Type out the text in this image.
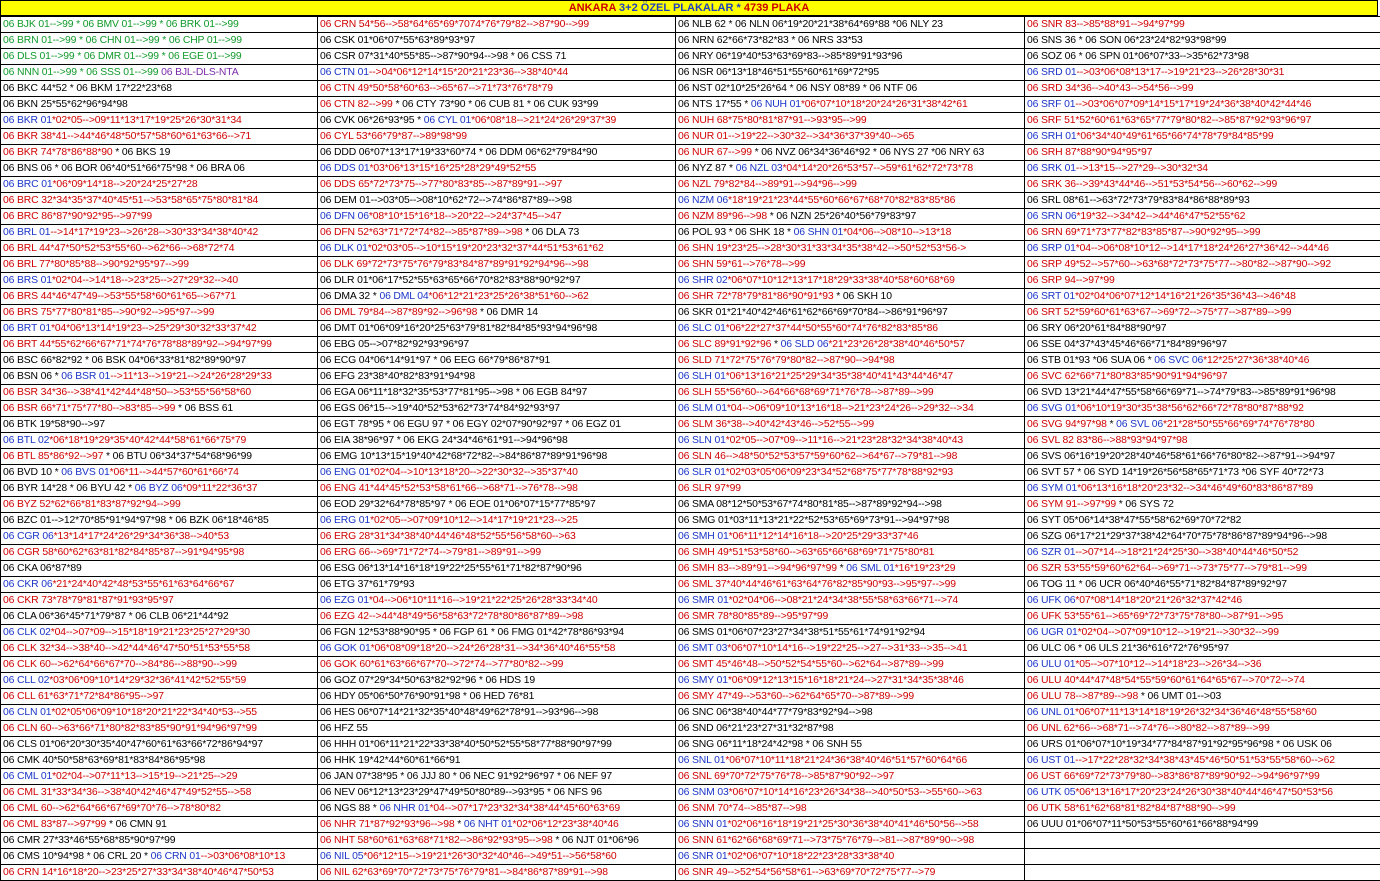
ANKARA 3+2 ÖZEL PLAKALAR * 4739 PLAKA
06 BJK 01-->99 * 06 BMV 01-->99 * 06 BRK 01-->99	06 CRN 54*56-->58*64*65*69*7074*76*79*82-->87*90-->99	06 NLB 62 * 06 NLN 06*19*20*21*38*64*69*88 *06 NLY 23	06 SNR 83-->85*88*91-->94*97*99
06 BRN 01-->99 * 06 CHN 01-->99 * 06 CHP 01-->99	06 CSK 01*06*07*55*63*89*93*97	06 NRN 62*66*73*82*83 * 06 NRS 33*53	06 SNS 36 * 06 SON 06*23*24*82*93*98*99
06 DLS 01-->99 * 06 DMR 01-->99 * 06 EGE 01-->99	06 CSR 07*31*40*55*85-->87*90*94-->98 * 06 CSS 71	06 NRY 06*19*40*53*63*69*83-->85*89*91*93*96	06 SOZ 06 * 06 SPN 01*06*07*33-->35*62*73*98
06 NNN 01-->99 * 06 SSS 01-->99 06 BJL-DLS-NTA	06 CTN 01-->04*06*12*14*15*20*21*23*36-->38*40*44	06 NSR 06*13*18*46*51*55*60*61*69*72*95	06 SRD 01-->03*06*08*13*17-->19*21*23-->26*28*30*31
06 BKC 44*52 * 06 BKM 17*22*23*68	06 CTN 49*50*58*60*63-->65*67-->71*73*76*78*79	06 NST 02*10*25*26*64 * 06 NSY 08*89 * 06 NTF 06	06 SRD 34*36-->40*43-->54*56-->99
06 BKN 25*55*62*96*94*98	06 CTN 82-->99 * 06 CTY 73*90 * 06 CUB 81 * 06 CUK 93*99	06 NTS 17*55 * 06 NUH 01*06*07*10*18*20*24*26*31*38*42*61	06 SRF 01-->03*06*07*09*14*15*17*19*24*36*38*40*42*44*46
06 BKR 01*02*05-->09*11*13*17*19*25*26*30*31*34	06 CVK 06*26*93*95 * 06 CYL 01*06*08*18-->21*24*26*29*37*39	06 NUH 68*75*80*81*87*91-->93*95-->99	06 SRF 51*52*60*61*63*65*77*79*80*82-->85*87*92*93*96*97
06 BKR 38*41-->44*46*48*50*57*58*60*61*63*66-->71	06 CYL 53*66*79*87-->89*98*99	06 NUR 01-->19*22-->30*32-->34*36*37*39*40-->65	06 SRH 01*06*34*40*49*61*65*66*74*78*79*84*85*99
06 BKR 74*78*86*88*90 * 06 BKS 19	06 DDD 06*07*13*17*19*33*60*74 * 06 DDM 06*62*79*84*90	06 NUR 67-->99 * 06 NVZ 06*34*36*46*92 * 06 NYS 27 *06 NRY 63	06 SRH 87*88*90*94*95*97
06 BNS 06 * 06 BOR 06*40*51*66*75*98 * 06 BRA 06	06 DDS 01*03*06*13*15*16*25*28*29*49*52*55	06 NYZ 87 * 06 NZL 03*04*14*20*26*53*57-->59*61*62*72*73*78	06 SRK 01-->13*15-->27*29-->30*32*34
06 BRC 01*06*09*14*18-->20*24*25*27*28	06 DDS 65*72*73*75-->77*80*83*85-->87*89*91-->97	06 NZL 79*82*84-->89*91-->94*96-->99	06 SRK 36-->39*43*44*46-->51*53*54*56-->60*62-->99
06 BRC 32*34*35*37*40*45*51-->53*58*65*75*80*81*84	06 DEM 01-->03*05-->08*10*62*72-->74*86*87*89-->98	06 NZM 06*18*19*21*23*44*55*60*66*67*68*70*82*83*85*86	06 SRL 08*61-->63*72*73*79*83*84*86*88*89*93
06 BRC 86*87*90*92*95-->97*99	06 DFN 06*08*10*15*16*18-->20*22-->24*37*45-->47	06 NZM 89*96-->98 * 06 NZN 25*26*40*56*79*83*97	06 SRN 06*19*32-->34*42-->44*46*47*52*55*62
06 BRL 01-->14*17*19*23-->26*28-->30*33*34*38*40*42	06 DFN 52*63*71*72*74*82-->85*87*89-->98 * 06 DLA 73	06 POL 93 * 06 SHK 18 * 06 SHN 01*04*06-->08*10-->13*18	06 SRN 69*71*73*77*82*83*85*87-->90*92*95-->99
06 BRL 44*47*50*52*53*55*60-->62*66-->68*72*74	06 DLK 01*02*03*05-->10*15*19*20*23*32*37*44*51*53*61*62	06 SHN 19*23*25-->28*30*31*33*34*35*38*42-->50*52*53*56->	06 SRP 01*04-->06*08*10*12-->14*17*18*24*26*27*36*42-->44*46
06 BRL 77*80*85*88-->90*92*95*97-->99	06 DLK 69*72*73*75*76*79*83*84*87*89*91*92*94*96-->98	06 SHN 59*61-->76*78-->99	06 SRP 49*52-->57*60-->63*68*72*73*75*77-->80*82-->87*90-->92
06 BRS 01*02*04-->14*18-->23*25-->27*29*32-->40	06 DLR 01*06*17*52*55*63*65*66*70*82*83*88*90*92*97	06 SHR 02*06*07*10*12*13*17*18*29*33*38*40*58*60*68*69	06 SRP 94-->97*99
06 BRS 44*46*47*49-->53*55*58*60*61*65-->67*71	06 DMA 32 * 06 DML 04*06*12*21*23*25*26*38*51*60-->62	06 SHR 72*78*79*81*86*90*91*93 * 06 SKH 10	06 SRT 01*02*04*06*07*12*14*16*21*26*35*36*43-->46*48
06 BRS 75*77*80*81*85-->90*92-->95*97-->99	06 DML 79*84-->87*89*92-->96*98 * 06 DMR 14	06 SKR 01*21*40*42*46*61*62*66*69*70*84-->86*91*96*97	06 SRT 52*59*60*61*63*67-->69*72-->75*77-->87*89-->99
06 BRT 01*04*06*13*14*19*23-->25*29*30*32*33*37*42	06 DMT 01*06*09*16*20*25*63*79*81*82*84*85*93*94*96*98	06 SLC 01*06*22*27*37*44*50*55*60*74*76*82*83*85*86	06 SRY 06*20*61*84*88*90*97
06 BRT 44*55*62*66*67*71*74*76*78*88*89*92-->94*97*99	06 EBG 05-->07*82*92*93*96*97	06 SLC 89*91*92*96 * 06 SLD 06*21*23*26*28*38*40*46*50*57	06 SSE 04*37*43*45*46*66*71*84*89*96*97
06 BSC 66*82*92 * 06 BSK 04*06*33*81*82*89*90*97	06 ECG 04*06*14*91*97 * 06 EEG 66*79*86*87*91	06 SLD 71*72*75*76*79*80*82-->87*90-->94*98	06 STB 01*93 *06 SUA 06 * 06 SVC 06*12*25*27*36*38*40*46
06 BSN 06 * 06 BSR 01-->11*13-->19*21-->24*26*28*29*33	06 EFG 23*38*40*82*83*91*94*98	06 SLH 01*06*13*16*21*25*29*34*35*38*40*41*43*44*46*47	06 SVC 62*66*71*80*83*85*90*91*94*96*97
06 BSR 34*36-->38*41*42*44*48*50-->53*55*56*58*60	06 EGA 06*11*18*32*35*53*77*81*95-->98 * 06 EGB 84*97	06 SLH 55*56*60-->64*66*68*69*71*76*78-->87*89-->99	06 SVD 13*21*44*47*55*58*66*69*71-->74*79*83-->85*89*91*96*98
06 BSR 66*71*75*77*80-->83*85-->99 * 06 BSS 61	06 EGS 06*15-->19*40*52*53*62*73*74*84*92*93*97	06 SLM 01*04-->06*09*10*13*16*18-->21*23*24*26-->29*32-->34	06 SVG 01*06*10*19*30*35*38*56*62*66*72*78*80*87*88*92
06 BTK 19*58*90-->97	06 EGT 78*95 * 06 EGU 97 * 06 EGY 02*07*90*92*97 * 06 EGZ 01	06 SLM 36*38-->40*42*43*46-->52*55-->99	06 SVG 94*97*98 * 06 SVL 06*21*28*50*55*66*69*74*76*78*80
06 BTL 02*06*18*19*29*35*40*42*44*58*61*66*75*79	06 EIA 38*96*97 * 06 EKG 24*34*46*61*91-->94*96*98	06 SLN 01*02*05-->07*09-->11*16-->21*23*28*32*34*38*40*43	06 SVL 82 83*86-->88*93*94*97*98
06 BTL 85*86*92-->97 * 06 BTU 06*34*37*54*68*96*99	06 EMG 10*13*15*19*40*42*68*72*82-->84*86*87*89*91*96*98	06 SLN 46-->48*50*52*53*57*59*60*62-->64*67-->79*81-->98	06 SVS 06*16*19*20*28*40*46*58*61*66*76*80*82-->87*91-->94*97
06 BVD 10 * 06 BVS 01*06*11-->44*57*60*61*66*74	06 ENG 01*02*04-->10*13*18*20-->22*30*32-->35*37*40	06 SLR 01*02*03*05*06*09*23*34*52*68*75*77*78*88*92*93	06 SVT 57 * 06 SYD 14*19*26*56*58*65*71*73 *06 SYF 40*72*73
06 BYR 14*28 * 06 BYU 42 * 06 BYZ 06*09*11*22*36*37	06 ENG 41*44*45*52*53*58*61*66-->68*71-->76*78-->98	06 SLR 97*99	06 SYM 01*06*13*16*18*20*23*32-->34*46*49*60*83*86*87*89
06 BYZ 52*62*66*81*83*87*92*94-->99	06 EOD 29*32*64*78*85*97 * 06 EOE 01*06*07*15*77*85*97	06 SMA 08*12*50*53*67*74*80*81*85-->87*89*92*94-->98	06 SYM 91-->97*99 * 06 SYS 72
06 BZC 01-->12*70*85*91*94*97*98 * 06 BZK 06*18*46*85	06 ERG 01*02*05-->07*09*10*12-->14*17*19*21*23-->25	06 SMG 01*03*11*13*21*22*52*53*65*69*73*91-->94*97*98	06 SYT 05*06*14*38*47*55*58*62*69*70*72*82
06 CGR 06*13*14*17*24*26*29*34*36*38-->40*53	06 ERG 28*31*34*38*40*44*46*48*52*55*56*58*60-->63	06 SMH 01*06*11*12*14*16*18-->20*25*29*33*37*46	06 SZG 06*17*21*29*37*38*42*64*70*75*78*86*87*89*94*96-->98
06 CGR 58*60*62*63*81*82*84*85*87-->91*94*95*98	06 ERG 66-->69*71*72*74-->79*81-->89*91-->99	06 SMH 49*51*53*58*60-->63*65*66*68*69*71*75*80*81	06 SZR 01-->07*14-->18*21*24*25*30-->38*40*44*46*50*52
06 CKA 06*87*89	06 ESG 06*13*14*16*18*19*22*25*55*61*71*82*87*90*96	06 SMH 83-->89*91-->94*96*97*99 * 06 SML 01*16*19*23*29	06 SZR 53*55*59*60*62*64-->69*71-->73*75*77-->79*81-->99
06 CKR 06*21*24*40*42*48*53*55*61*63*64*66*67	06 ETG 37*61*79*93	06 SML 37*40*44*46*61*63*64*76*82*85*90*93-->95*97-->99	06 TOG 11 * 06 UCR 06*40*46*55*71*82*84*87*89*92*97
06 CKR 73*78*79*81*87*91*93*95*97	06 EZG 01*04-->06*10*11*16-->19*21*22*25*26*28*33*34*40	06 SMR 01*02*04*06-->08*21*24*34*38*55*58*63*66*71-->74	06 UFK 06*07*08*14*18*20*21*26*32*37*42*46
06 CLA 06*36*45*71*79*87 * 06 CLB 06*21*44*92	06 EZG 42-->44*48*49*56*58*63*72*78*80*86*87*89-->98	06 SMR 78*80*85*89-->95*97*99	06 UFK 53*55*61-->65*69*72*73*75*78*80-->87*91-->95
06 CLK 02*04-->07*09-->15*18*19*21*23*25*27*29*30	06 FGN 12*53*88*90*95 * 06 FGP 61 * 06 FMG 01*42*78*86*93*94	06 SMS 01*06*07*23*27*34*38*51*55*61*74*91*92*94	06 UGR 01*02*04-->07*09*10*12-->19*21-->30*32-->99
06 CLK 32*34-->38*40-->42*44*46*47*50*51*53*55*58	06 GOK 01*06*08*09*18*20-->24*26*28*31-->34*36*40*46*55*58	06 SMT 03*06*07*10*14*16-->19*22*25-->27-->31*33-->35-->41	06 ULC 06 * 06 ULS 21*36*616*72*76*95*97
06 CLK 60-->62*64*66*67*70-->84*86-->88*90-->99	06 GOK 60*61*63*66*67*70-->72*74-->77*80*82-->99	06 SMT 45*46*48-->50*52*54*55*60-->62*64-->87*89-->99	06 ULU 01*05-->07*10*12-->14*18*23-->26*34-->36
06 CLL 02*03*06*09*10*14*29*32*36*41*42*52*55*59	06 GOZ 07*29*34*50*63*82*92*96 * 06 HDS 19	06 SMY 01*06*09*12*13*15*16*18*21*24-->27*31*34*35*38*46	06 ULU 40*44*47*48*54*55*59*60*61*64*65*67-->70*72-->74
06 CLL 61*63*71*72*84*86*95-->97	06 HDY 05*06*50*76*90*91*98 * 06 HED 76*81	06 SMY 47*49-->53*60-->62*64*65*70-->87*89-->99	06 ULU 78-->87*89-->98 * 06 UMT 01-->03
06 CLN 01*02*05*06*09*10*18*20*21*22*34*40*53-->55	06 HES 06*07*14*21*32*35*40*48*49*62*78*91-->93*96-->98	06 SNC 06*38*40*44*77*79*83*92*94-->98	06 UNL 01*06*07*11*13*14*18*19*26*32*34*36*46*48*55*58*60
06 CLN 60-->63*66*71*80*82*83*85*90*91*94*96*97*99	06 HFZ 55	06 SND 06*21*23*27*31*32*87*98	06 UNL 62*66-->68*71-->74*76-->80*82-->87*89-->99
06 CLS 01*06*20*30*35*40*47*60*61*63*66*72*86*94*97	06 HHH 01*06*11*21*22*33*38*40*50*52*55*58*77*88*90*97*99	06 SNG 06*11*18*24*42*98 * 06 SNH 55	06 URS 01*06*07*10*19*34*77*84*87*91*92*95*96*98 * 06 USK 06
06 CMK 40*50*58*63*69*81*83*84*86*95*98	06 HHK 19*42*44*60*61*66*91	06 SNL 01*06*07*10*11*18*21*24*36*38*40*46*51*57*60*64*66	06 UST 01-->17*22*28*32*34*38*43*45*46*50*51*53*55*58*60-->62
06 CML 01*02*04-->07*11*13-->15*19-->21*25-->29	06 JAN 07*38*95 * 06 JJJ 80 * 06 NEC 91*92*96*97 * 06 NEF 97	06 SNL 69*70*72*75*76*78-->85*87*90*92-->97	06 UST 66*69*72*73*79*80-->83*86*87*89*90*92-->94*96*97*99
06 CML 31*33*34*36-->38*40*42*46*47*49*52*55-->58	06 NEV 06*12*13*23*29*47*49*50*80*89-->93*95 * 06 NFS 96	06 SNM 03*06*07*10*14*16*23*26*34*38-->40*50*53-->55*60-->63	06 UTK 05*06*13*16*17*20*23*24*26*30*38*40*44*46*47*50*53*56
06 CML 60-->62*64*66*67*69*70*76-->78*80*82	06 NGS 88 * 06 NHR 01*04-->07*17*23*32*34*38*44*45*60*63*69	06 SNM 70*74-->85*87-->98	06 UTK 58*61*62*68*81*82*84*87*88*90-->99
06 CML 83*87-->97*99 * 06 CMN 91	06 NHR 71*87*92*93*96-->98 * 06 NHT 01*02*06*12*23*38*40*46	06 SNN 01*02*06*16*18*19*21*25*30*36*38*40*41*46*50*56-->58	06 UUU 01*06*07*11*50*53*55*60*61*66*88*94*99
06 CMR 27*33*46*55*68*85*90*97*99	06 NHT 58*60*61*63*68*71*82-->86*92*93*95-->98 * 06 NJT 01*06*96	06 SNN 61*62*66*68*69*71-->73*75*76*79-->81-->87*89*90-->98	
06 CMS 10*94*98 * 06 CRL 20 * 06 CRN 01-->03*06*08*10*13	06 NIL 05*06*12*15-->19*21*26*30*32*40*46-->49*51-->56*58*60	06 SNR 01*02*06*07*10*18*22*23*28*33*38*40	
06 CRN 14*16*18*20-->23*25*27*33*34*38*40*46*47*50*53	06 NIL 62*63*69*70*72*73*75*76*79*81-->84*86*87*89*91-->98	06 SNR 49-->52*54*56*58*61-->63*69*70*72*75*77-->79	
